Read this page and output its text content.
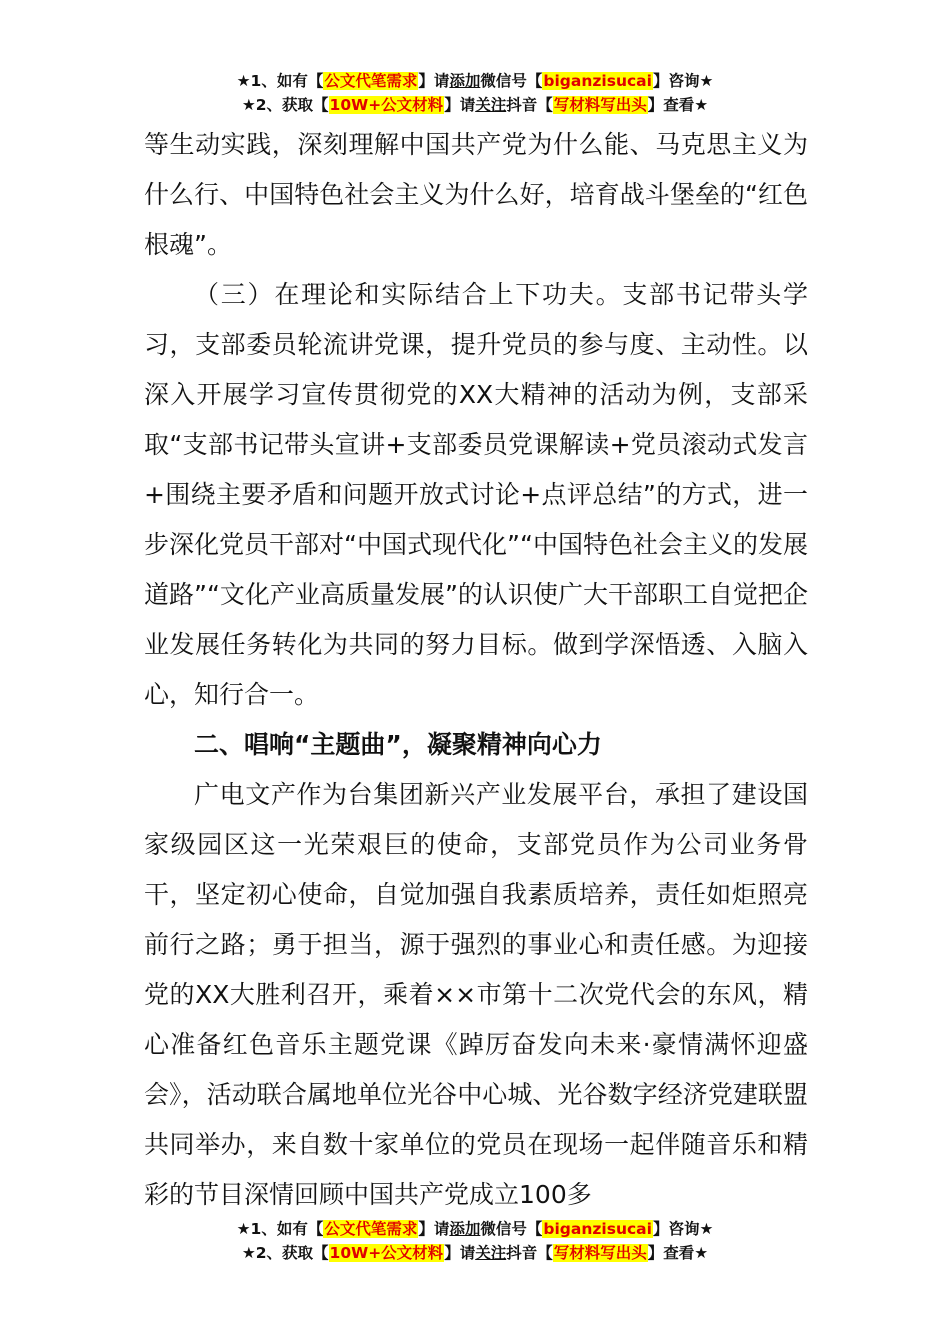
★1、如有【公文代笔需求】请添加微信号【biganzisucai】咨询★
★2、获取【10W+公文材料】请关注抖音【写材料写出头】查看★

等生动实践，深刻理解中国共产党为什么能、马克思主义为什么行、中国特色社会主义为什么好，培育战斗堡垒的“红色根魂”。

（三）在理论和实际结合上下功夫。支部书记带头学习，支部委员轮流讲党课，提升党员的参与度、主动性。以深入开展学习宣传贯彻党的XX大精神的活动为例，支部采取“支部书记带头宣讲+支部委员党课解读+党员滚动式发言+围绕主要矛盾和问题开放式讨论+点评总结”的方式，进一步深化党员干部对“中国式现代化”“中国特色社会主义的发展道路”“文化产业高质量发展”的认识使广大干部职工自觉把企业发展任务转化为共同的努力目标。做到学深悟透、入脑入心，知行合一。

二、唱响“主题曲”，凝聚精神向心力

广电文产作为台集团新兴产业发展平台，承担了建设国家级园区这一光荣艰巨的使命，支部党员作为公司业务骨干，坚定初心使命，自觉加强自我素质培养，责任如炬照亮前行之路；勇于担当，源于强烈的事业心和责任感。为迎接党的XX大胜利召开，乘着××市第十二次党代会的东风，精心准备红色音乐主题党课《踔厉奋发向未来·豪情满怀迎盛会》，活动联合属地单位光谷中心城、光谷数字经济党建联盟共同举办，来自数十家单位的党员在现场一起伴随音乐和精彩的节目深情回顾中国共产党成立100多

★1、如有【公文代笔需求】请添加微信号【biganzisucai】咨询★
★2、获取【10W+公文材料】请关注抖音【写材料写出头】查看★
